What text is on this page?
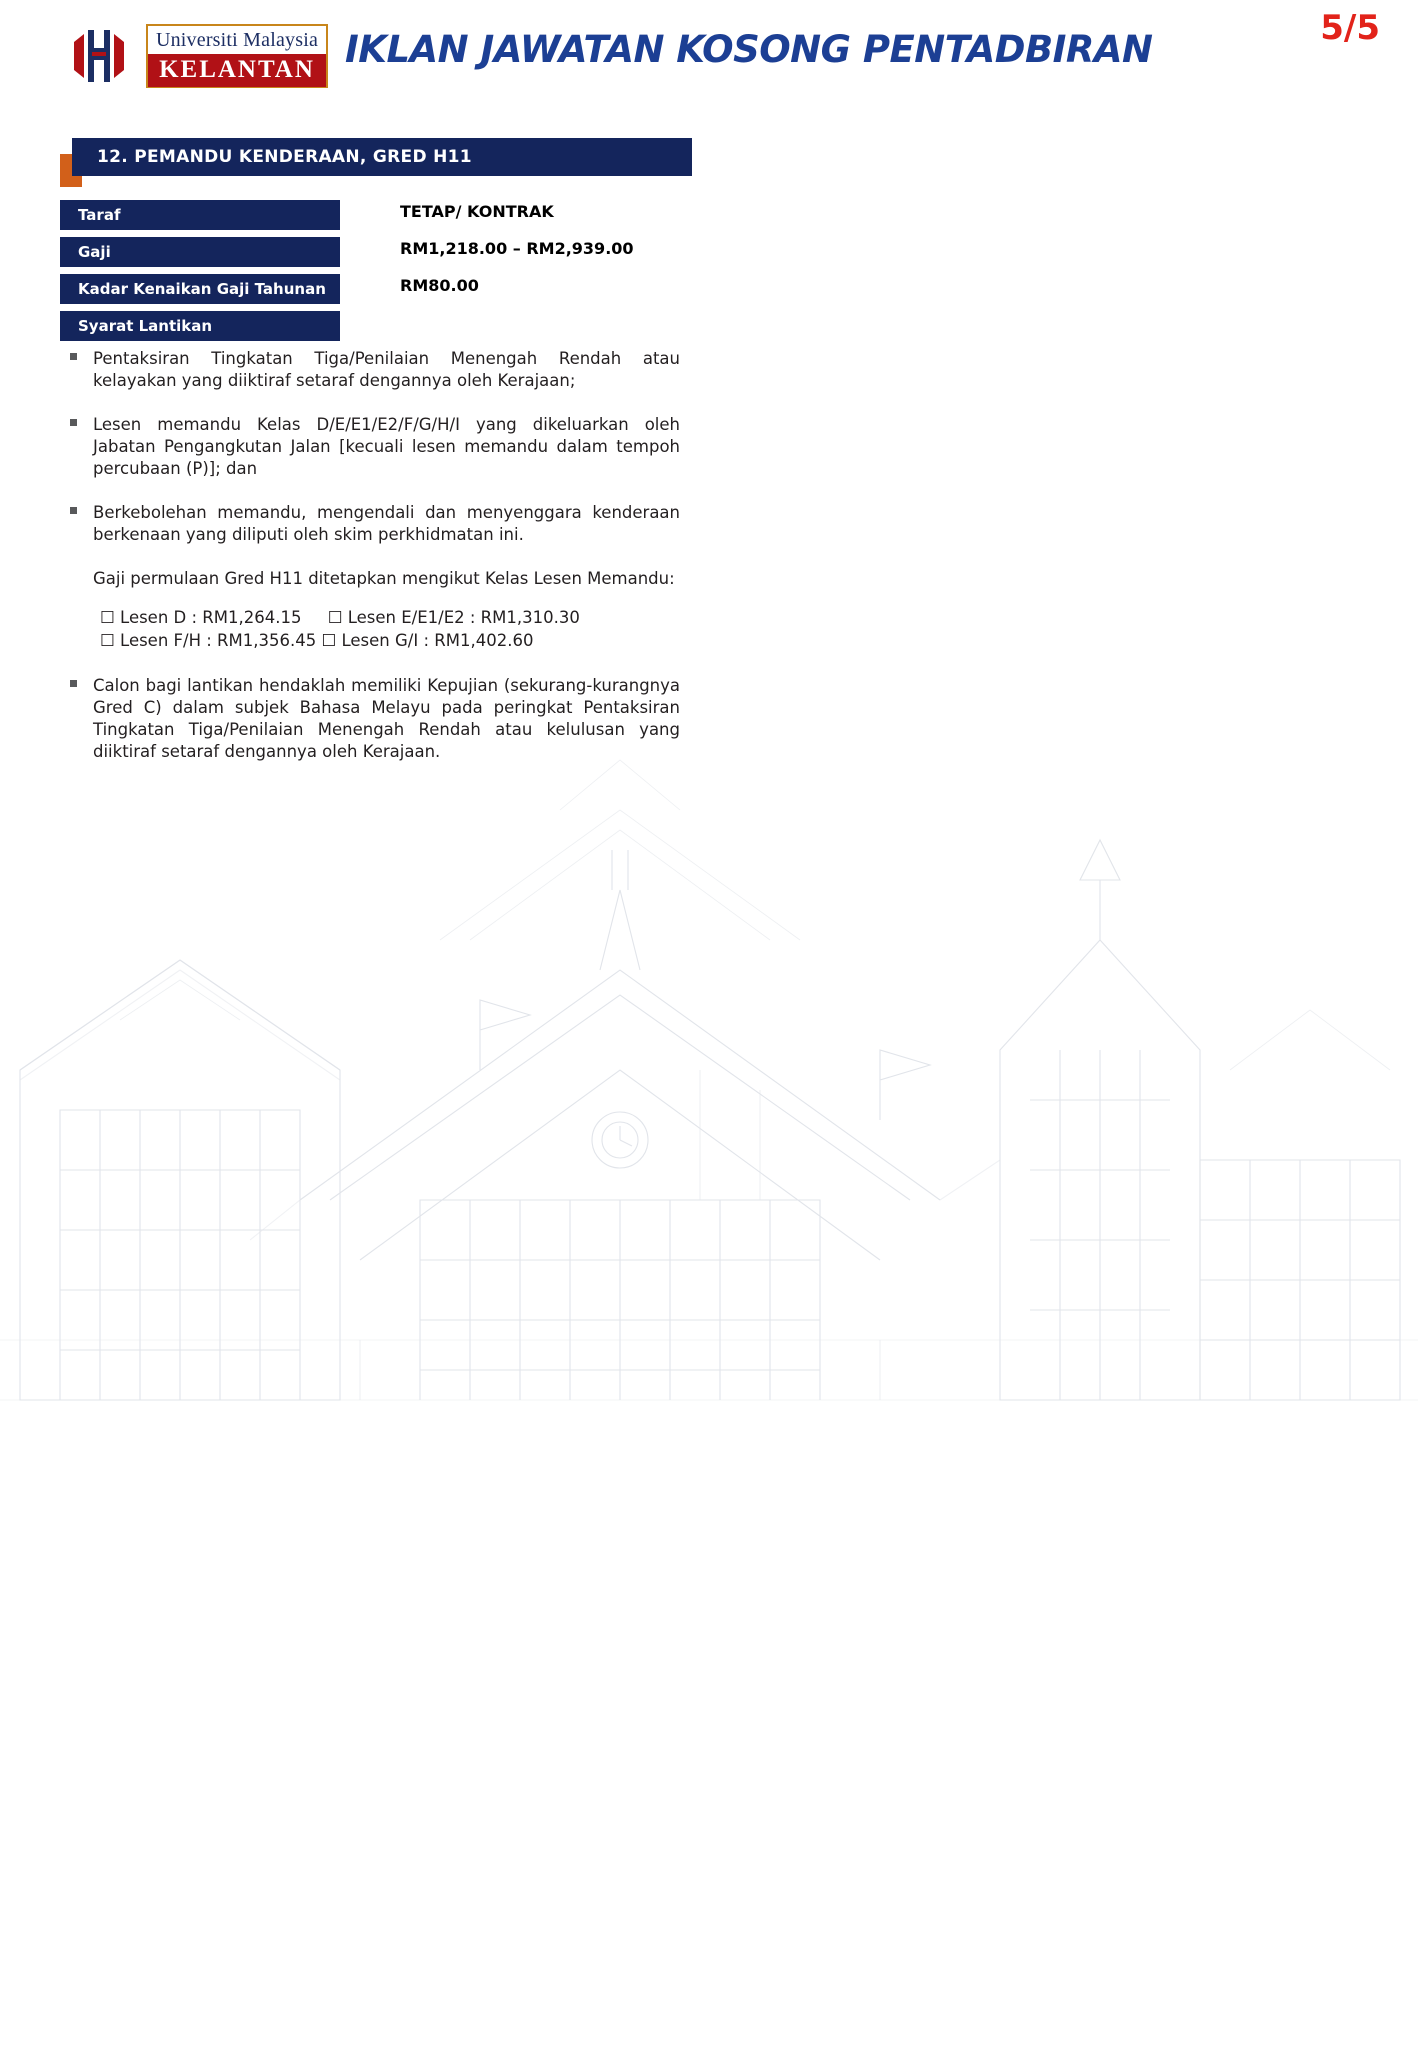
Universiti Malaysia
KELANTAN IKLAN JAWATAN KOSONG PENTADBIRAN	5/5
12. PEMANDU KENDERAAN, GRED H11
Taraf	TETAP/ KONTRAK
Gaji	RM1,218.00 – RM2,939.00
Kadar Kenaikan Gaji Tahunan	RM80.00
Syarat Lantikan
Pentaksiran Tingkatan Tiga/Penilaian Menengah Rendah atau kelayakan yang diiktiraf setaraf dengannya oleh Kerajaan;
Lesen memandu Kelas D/E/E1/E2/F/G/H/I yang dikeluarkan oleh Jabatan Pengangkutan Jalan [kecuali lesen memandu dalam tempoh percubaan (P)]; dan
Berkebolehan memandu, mengendali dan menyenggara kenderaan berkenaan yang diliputi oleh skim perkhidmatan ini.
Gaji permulaan Gred H11 ditetapkan mengikut Kelas Lesen Memandu:
☐ Lesen D : RM1,264.15     ☐ Lesen E/E1/E2 : RM1,310.30
☐ Lesen F/H : RM1,356.45 ☐ Lesen G/I : RM1,402.60
Calon bagi lantikan hendaklah memiliki Kepujian (sekurang-kurangnya Gred C) dalam subjek Bahasa Melayu pada peringkat Pentaksiran Tingkatan Tiga/Penilaian Menengah Rendah atau kelulusan yang diiktiraf setaraf dengannya oleh Kerajaan.
